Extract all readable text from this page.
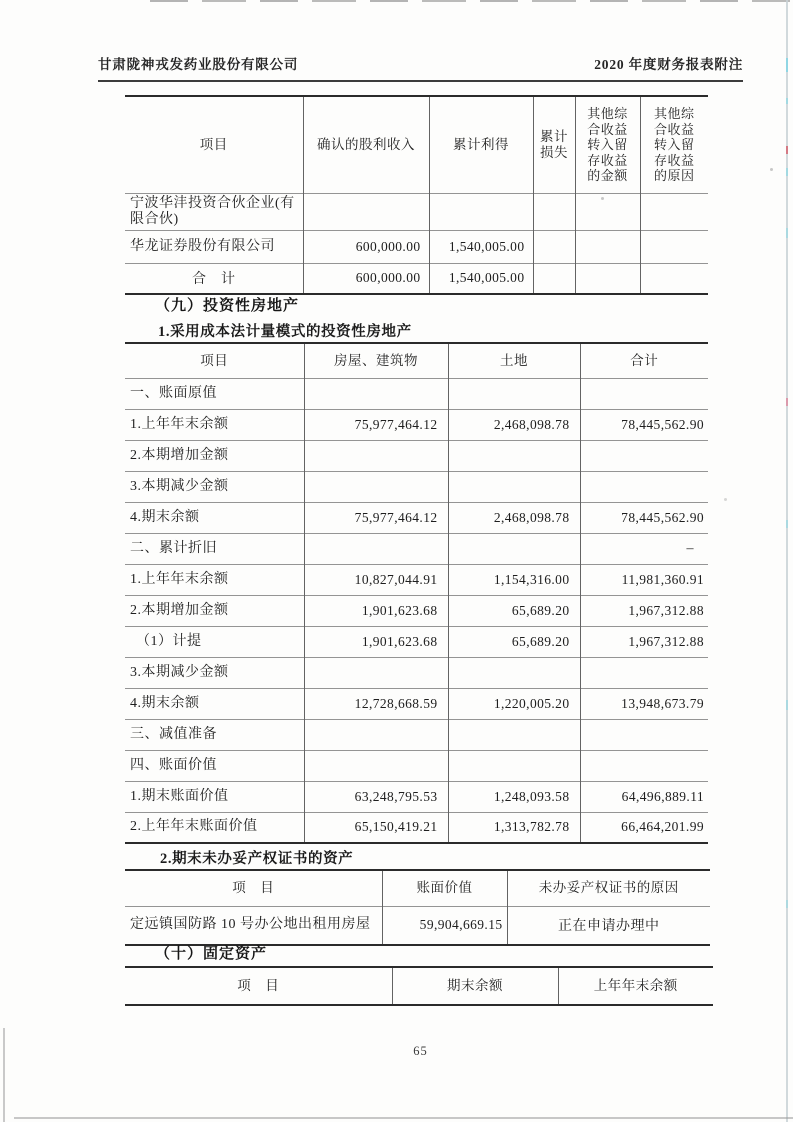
甘肃陇神戎发药业股份有限公司	2020 年度财务报表附注
项目	确认的股利收入	累计利得	累计损失	其他综合收益转入留存收益的金额	其他综合收益转入留存收益的原因
宁波华沣投资合伙企业(有限合伙)					
华龙证券股份有限公司	600,000.00	1,540,005.00			
合　计	600,000.00	1,540,005.00			
（九）投资性房地产
1.采用成本法计量模式的投资性房地产
项目	房屋、建筑物	土地	合计
一、账面原值			
1.上年年末余额	75,977,464.12	2,468,098.78	78,445,562.90
2.本期增加金额			
3.本期减少金额			
4.期末余额	75,977,464.12	2,468,098.78	78,445,562.90
二、累计折旧			–
1.上年年末余额	10,827,044.91	1,154,316.00	11,981,360.91
2.本期增加金额	1,901,623.68	65,689.20	1,967,312.88
（1）计提	1,901,623.68	65,689.20	1,967,312.88
3.本期减少金额			
4.期末余额	12,728,668.59	1,220,005.20	13,948,673.79
三、减值准备			
四、账面价值			
1.期末账面价值	63,248,795.53	1,248,093.58	64,496,889.11
2.上年年末账面价值	65,150,419.21	1,313,782.78	66,464,201.99
2.期末未办妥产权证书的资产
项　目	账面价值	未办妥产权证书的原因
定远镇国防路 10 号办公地出租用房屋	59,904,669.15	正在申请办理中
（十）固定资产
项　目	期末余额	上年年末余额
65
